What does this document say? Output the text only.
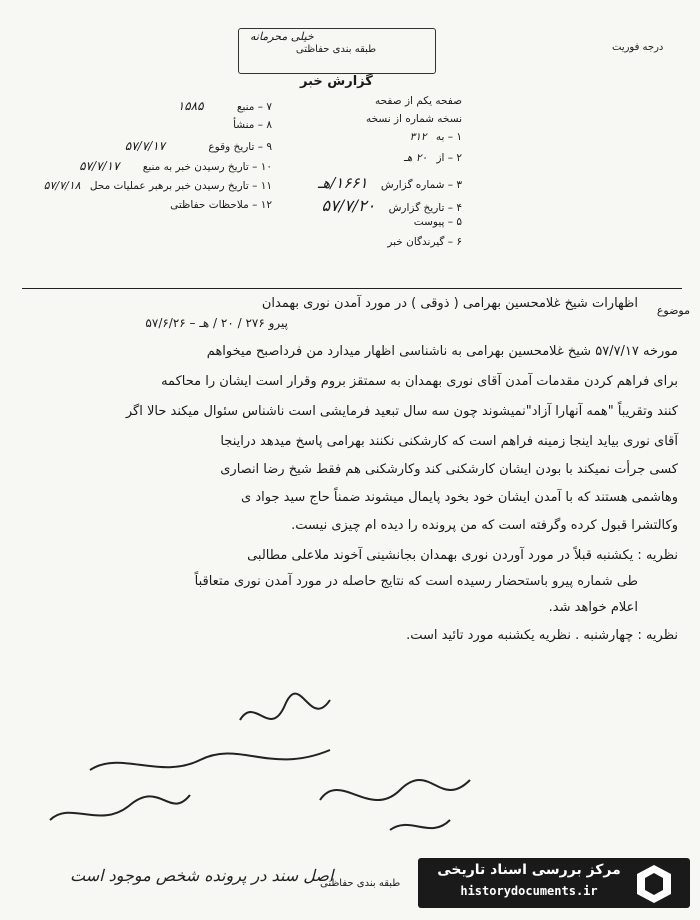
درجه فوریت
خیلی محرمانه
طبقه بندی حفاظتی
گزارش خبر
صفحه یکم از صفحه
نسخه شماره از نسخه
۱ – به ۳۱۲
۲ – از ۲۰ هـ
۳ – شماره گزارش ۱۶۶۱/هـ
۴ – تاریخ گزارش ۵۷/۷/۲۰
۵ – پیوست
۶ – گیرندگان خبر
۷ – منبع ۱۵۸۵
۸ – منشأ
۹ – تاریخ وقوع ۵۷/۷/۱۷
۱۰ – تاریخ رسیدن خبر به منبع ۵۷/۷/۱۷
۱۱ – تاریخ رسیدن خبر برهبر عملیات محل ۵۷/۷/۱۸
۱۲ – ملاحظات حفاظتی
موضوع
اظهارات شیخ غلامحسین بهرامی ( ذوقی ) در مورد آمدن نوری بهمدان
پیرو ۲۷۶ / ۲۰ / هـ – ۵۷/۶/۲۶
مورخه ۵۷/۷/۱۷ شیخ غلامحسین بهرامی به ناشناسی اظهار میدارد من فرداصبح میخواهم
برای فراهم کردن مقدمات آمدن آقای نوری بهمدان به سمتقز بروم وقرار است ایشان را محاکمه
کنند وتقریباً "همه آنهارا آزاد"نمیشوند چون سه سال تبعید فرمایشی است ناشناس سئوال میکند حالا اگر
آقای نوری بیاید اینجا زمینه فراهم است که کارشکنی نکنند بهرامی پاسخ میدهد دراینجا
کسی جرأت نمیکند با بودن ایشان کارشکنی کند وکارشکنی هم فقط شیخ رضا انصاری
وهاشمی هستند که با آمدن ایشان خود بخود پایمال میشوند ضمناً حاج سید جواد ی
وکالتشرا قبول کرده وگرفته است که من پرونده را دیده ام چیزی نیست.
نظریه : یکشنبه قبلاً در مورد آوردن نوری بهمدان بجانشینی آخوند ملاعلی مطالبی
طی شماره پیرو باستحضار رسیده است که نتایج حاصله در مورد آمدن نوری متعاقباً
اعلام خواهد شد.
نظریه : چهارشنبه . نظریه یکشنبه مورد تائید است.
اصل سند در پرونده شخص موجود است
طبقه بندی حفاظتی
مرکز بررسی اسناد تاریخی
historydocuments.ir
